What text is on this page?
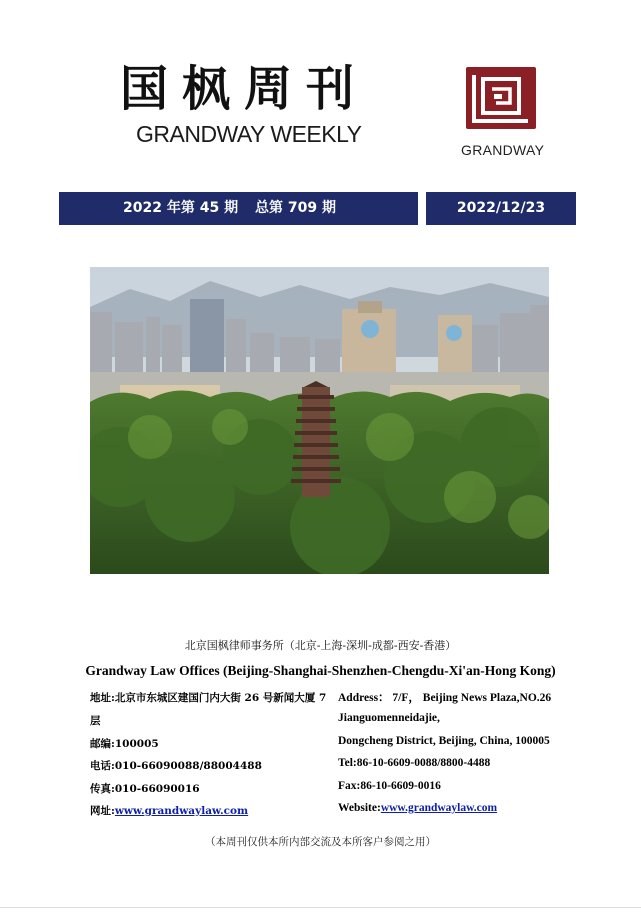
国枫周刊
GRANDWAY WEEKLY
GRANDWAY
2022 年第 45 期 总第 709 期	2022/12/23
北京国枫律师事务所（北京-上海-深圳-成都-西安-香港）
Grandway Law Offices (Beijing-Shanghai-Shenzhen-Chengdu-Xi'an-Hong Kong)
地址:北京市东城区建国门内大街 26 号新闻大厦 7
层
邮编:100005
电话:010-66090088/88004488
传真:010-66090016
网址:www.grandwaylaw.com
Address： 7/F， Beijing News Plaza,NO.26
Jianguomenneidajie,
Dongcheng District, Beijing, China, 100005
Tel:86-10-6609-0088/8800-4488
Fax:86-10-6609-0016
Website:www.grandwaylaw.com
（本周刊仅供本所内部交流及本所客户参阅之用）
